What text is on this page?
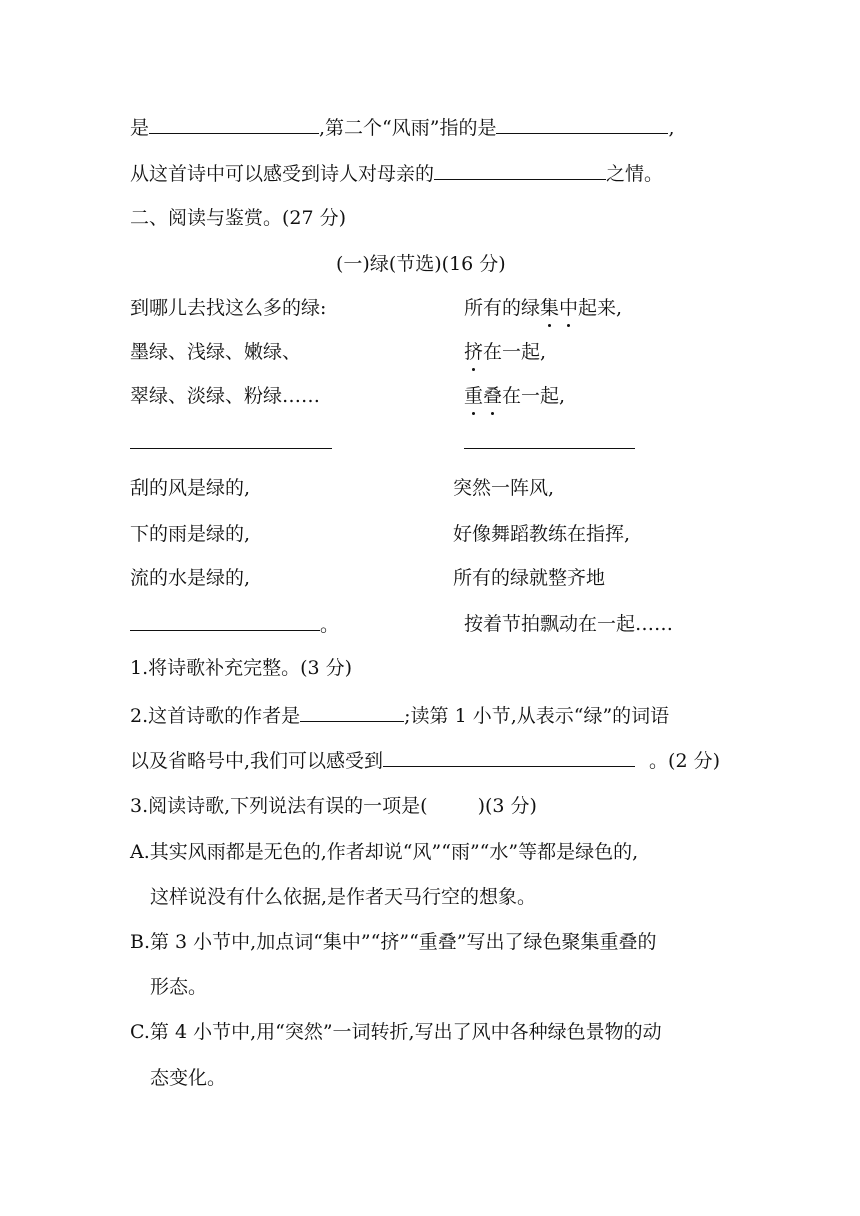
是	,第二个“风雨”指的是	,
从这首诗中可以感受到诗人对母亲的	之情。
二、阅读与鉴赏。(27 分)
(一)绿(节选)(16 分)
到哪儿去找这么多的绿:
墨绿、浅绿、嫩绿、
翠绿、淡绿、粉绿……
所有的绿集中起来,
挤在一起,
重叠在一起,
刮的风是绿的,
下的雨是绿的,
流的水是绿的,
。
突然一阵风,
好像舞蹈教练在指挥,
所有的绿就整齐地
按着节拍飘动在一起……
1.将诗歌补充完整。(3 分)
2.这首诗歌的作者是	;读第 1 小节,从表示“绿”的词语
以及省略号中,我们可以感受到	。(2 分)
3.阅读诗歌,下列说法有误的一项是(	)(3 分)
A.其实风雨都是无色的,作者却说“风”“雨”“水”等都是绿色的,
这样说没有什么依据,是作者天马行空的想象。
B.第 3 小节中,加点词“集中”“挤”“重叠”写出了绿色聚集重叠的
形态。
C.第 4 小节中,用“突然”一词转折,写出了风中各种绿色景物的动
态变化。
